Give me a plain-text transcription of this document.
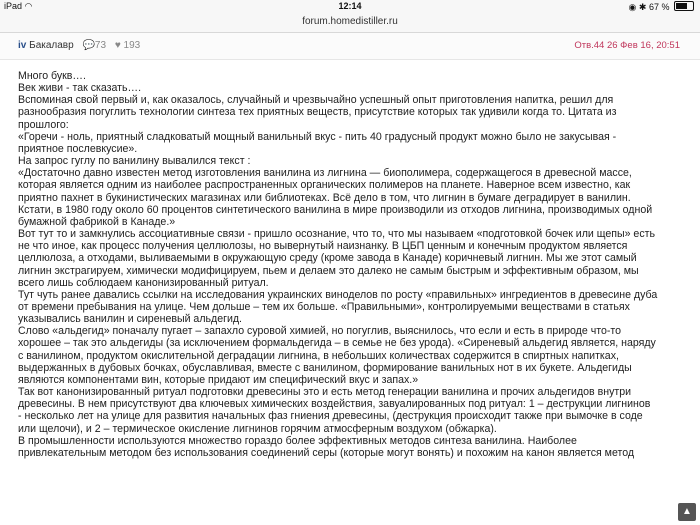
iPad ◠	12:14	◉ ✱ 67 %
forum.homedistiller.ru
iv Бакалавр 💬73 ♥ 193	Отв.44 26 Фев 16, 20:51

Много букв….

Век живи - так сказать….

Вспоминая свой первый и, как оказалось, случайный и чрезвычайно успешный опыт приготовления напитка, решил для

разнообразия погуглить технологии синтеза тех приятных веществ, присутствие которых так удивили когда то. Цитата из

прошлого:

«Горечи - ноль, приятный сладковатый мощный ванильный вкус - пить 40 градусный продукт можно было не закусывая -

приятное послевкусие».

На запрос гуглу по ванилину вывалился текст :

«Достаточно давно известен метод изготовления ванилина из лигнина — биополимера, содержащегося в древесной массе,

которая является одним из наиболее распространенных органических полимеров на планете. Наверное всем известно, как

приятно пахнет в букинистических магазинах или библиотеках. Всё дело в том, что лигнин в бумаге деградирует в ванилин.

Кстати, в 1980 году около 60 процентов синтетического ванилина в мире производили из отходов лигнина, производимых одной

бумажной фабрикой в Канаде.»

Вот тут то и замкнулись ассоциативные связи - пришло осознание, что то, что мы называем «подготовкой бочек или щепы» есть

не что иное, как процесс получения целлюлозы, но вывернутый наизнанку. В ЦБП ценным и конечным продуктом является

целлюлоза, а отходами, выливаемыми в окружающую среду (кроме завода в Канаде) коричневый лигнин. Мы же этот самый

лигнин экстрагируем, химически модифицируем, пьем и делаем это далеко не самым быстрым и эффективным образом, мы

всего лишь соблюдаем канонизированный ритуал.

Тут чуть ранее давались ссылки на исследования украинских виноделов по росту «правильных» ингредиентов в древесине дуба

от времени пребывания на улице. Чем дольше – тем их больше. «Правильными», контролируемыми веществами в статьях

указывались ванилин и сиреневый альдегид.

Слово «альдегид» поначалу пугает – запахло суровой химией, но погуглив, выяснилось, что если и есть в природе что-то

хорошее – так это альдегиды (за исключением формальдегида – в семье не без урода). «Сиреневый альдегид является, наряду

с ванилином, продуктом окислительной деградации лигнина, в небольших количествах содержится в спиртных напитках,

выдержанных в дубовых бочках, обуславливая, вместе с ванилином, формирование ванильных нот в их букете. Альдегиды

являются компонентами вин, которые придают им специфический вкус и запах.»

Так вот канонизированный ритуал подготовки древесины это и есть метод генерации ванилина и прочих альдегидов внутри

древесины. В нем присутствуют два ключевых химических воздействия, завуалированных под ритуал: 1 – деструкции лигнинов

- несколько лет на улице для развития начальных фаз гниения древесины, (деструкция происходит также при вымочке в соде

или щелочи), и 2 – термическое окисление лигнинов горячим атмосферным воздухом (обжарка).

В промышленности используются множество гораздо более эффективных методов синтеза ванилина. Наиболее

привлекательным методом без использования соединений серы (которые могут вонять) и похожим на канон является метод

▲
